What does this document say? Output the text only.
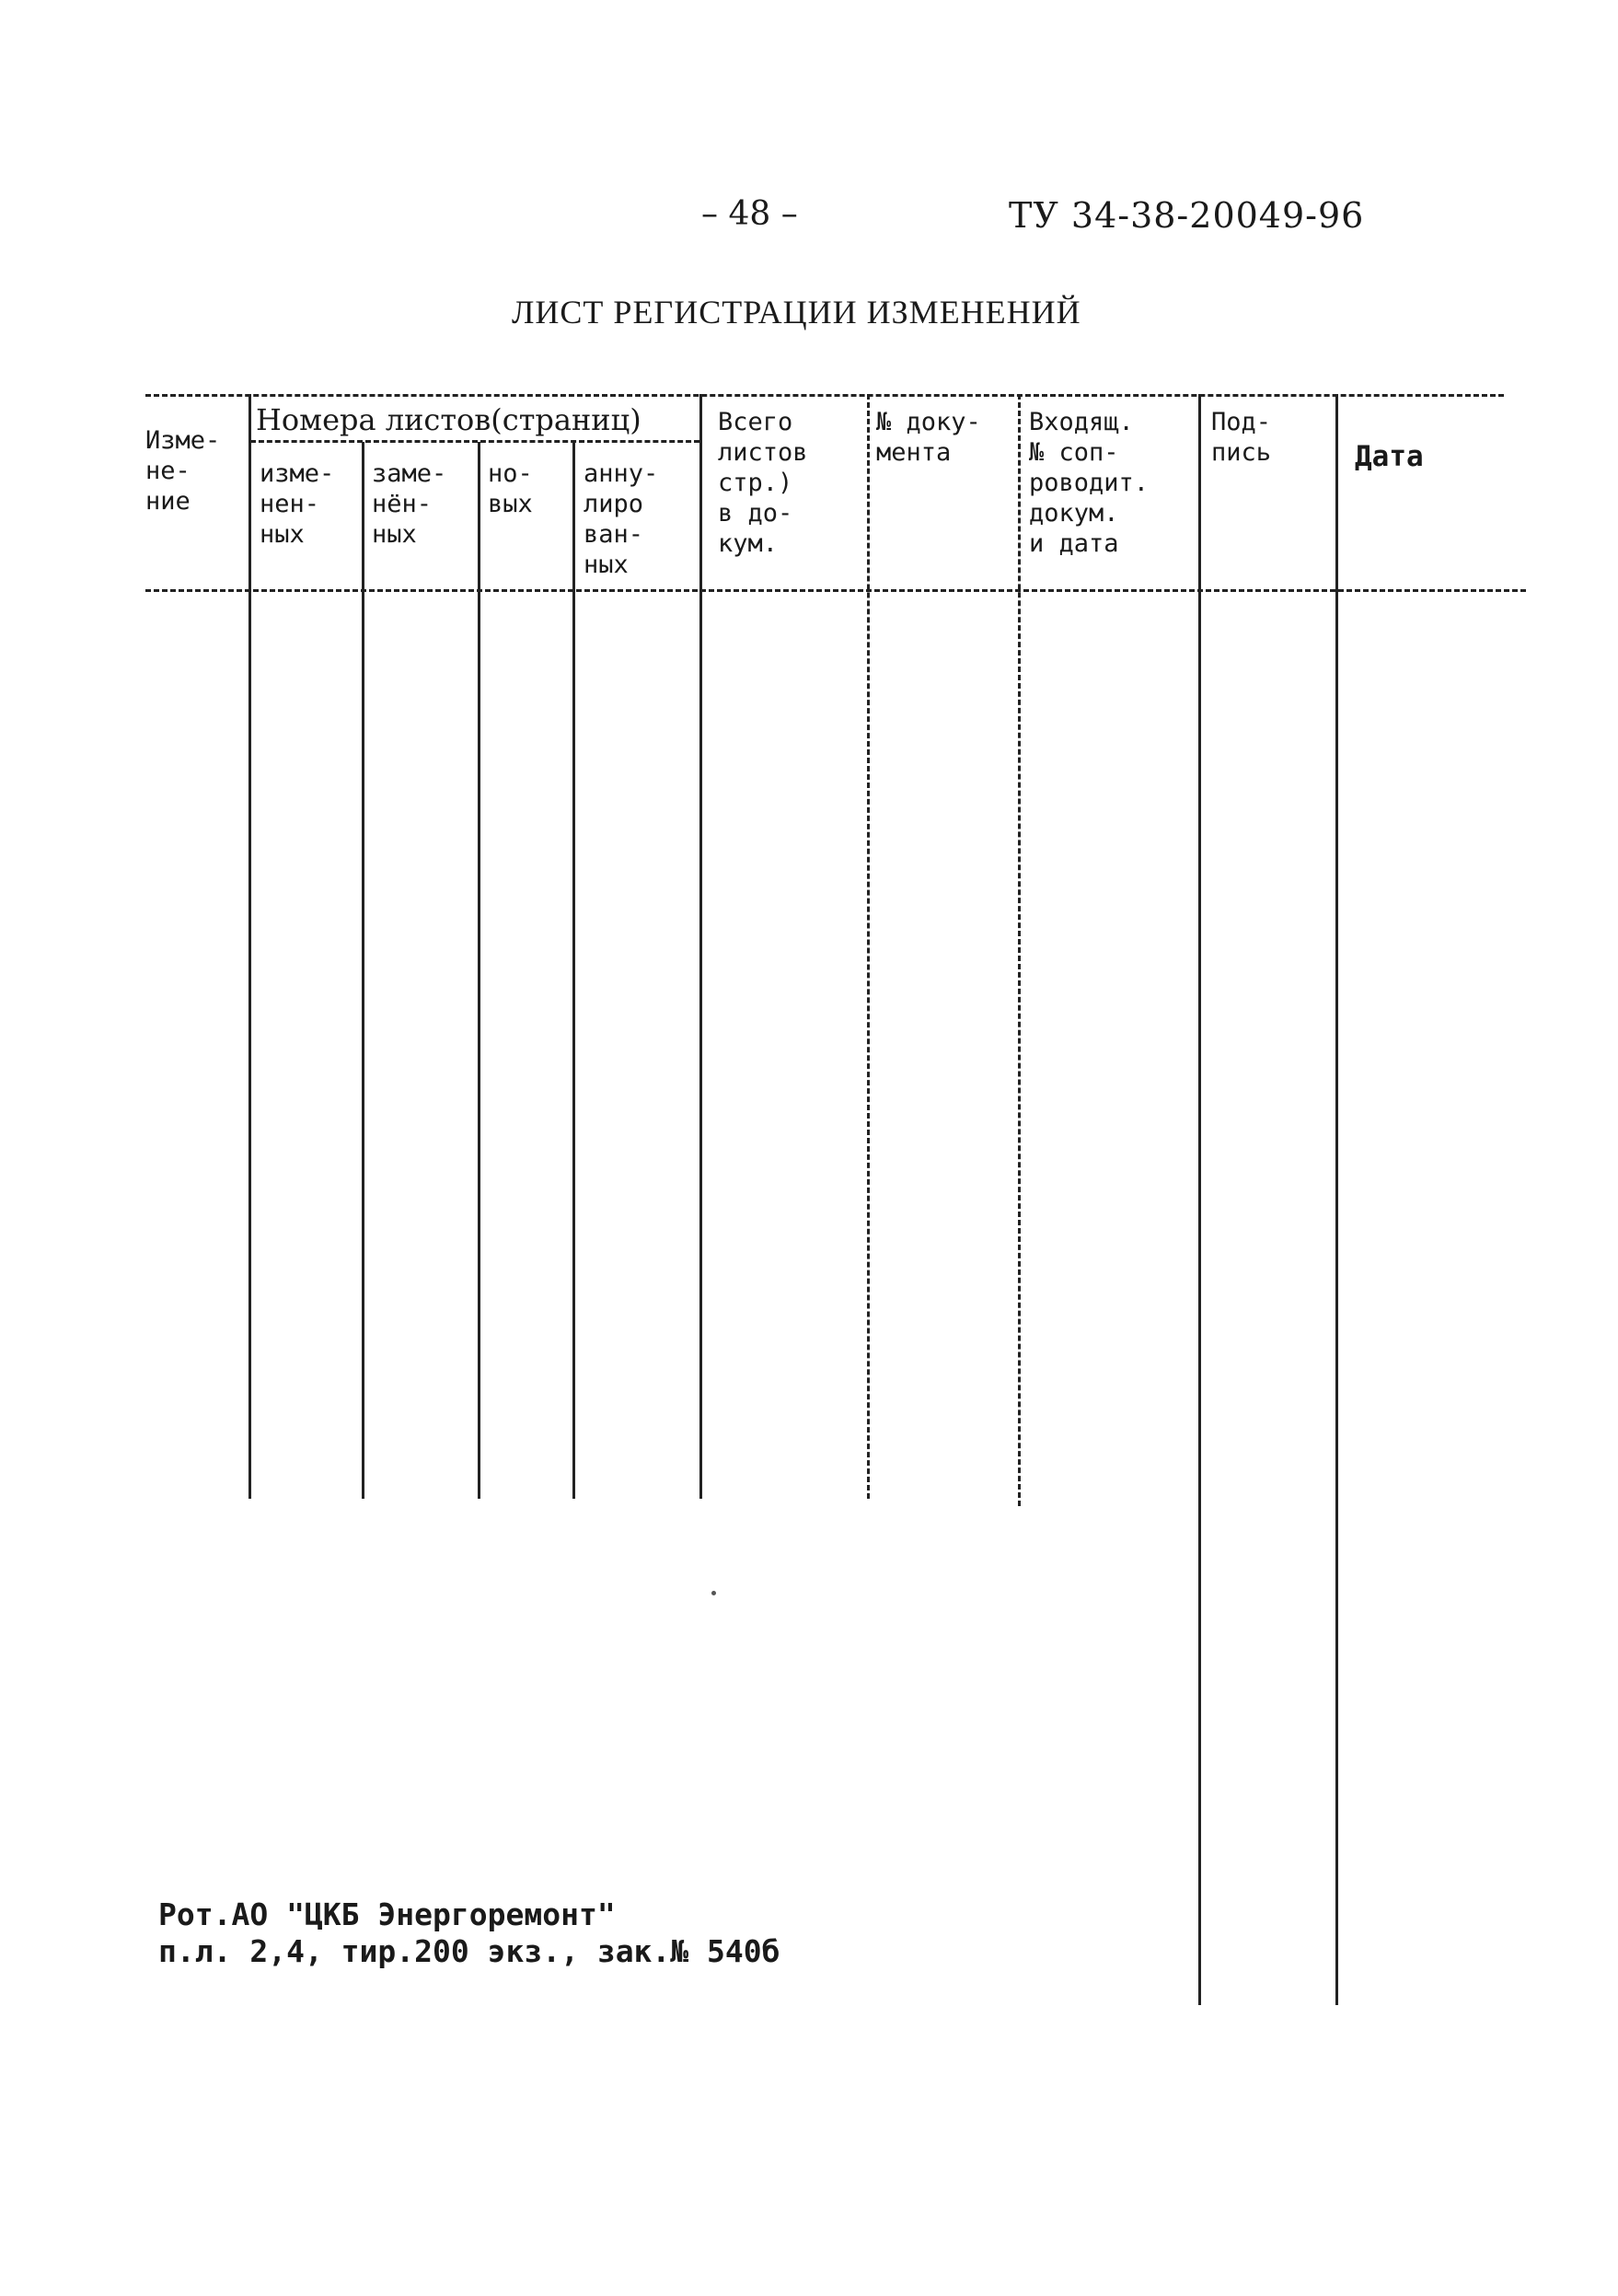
– 48 –	ТУ 34-38-20049-96
ЛИСТ РЕГИСТРАЦИИ ИЗМЕНЕНИЙ
Изме-
не-
ние
Номера листов(страниц)
изме-
нен-
ных
заме-
нён-
ных
но-
вых
анну-
лиро
ван-
ных
Всего
листов
стр.)
в до-
кум.
№ доку-
мента
Входящ.
№ соп-
роводит.
докум.
и дата
Под-
пись	Дата
Рот.АО "ЦКБ Энергоремонт"
п.л. 2,4, тир.200 экз., зак.№ 540б
